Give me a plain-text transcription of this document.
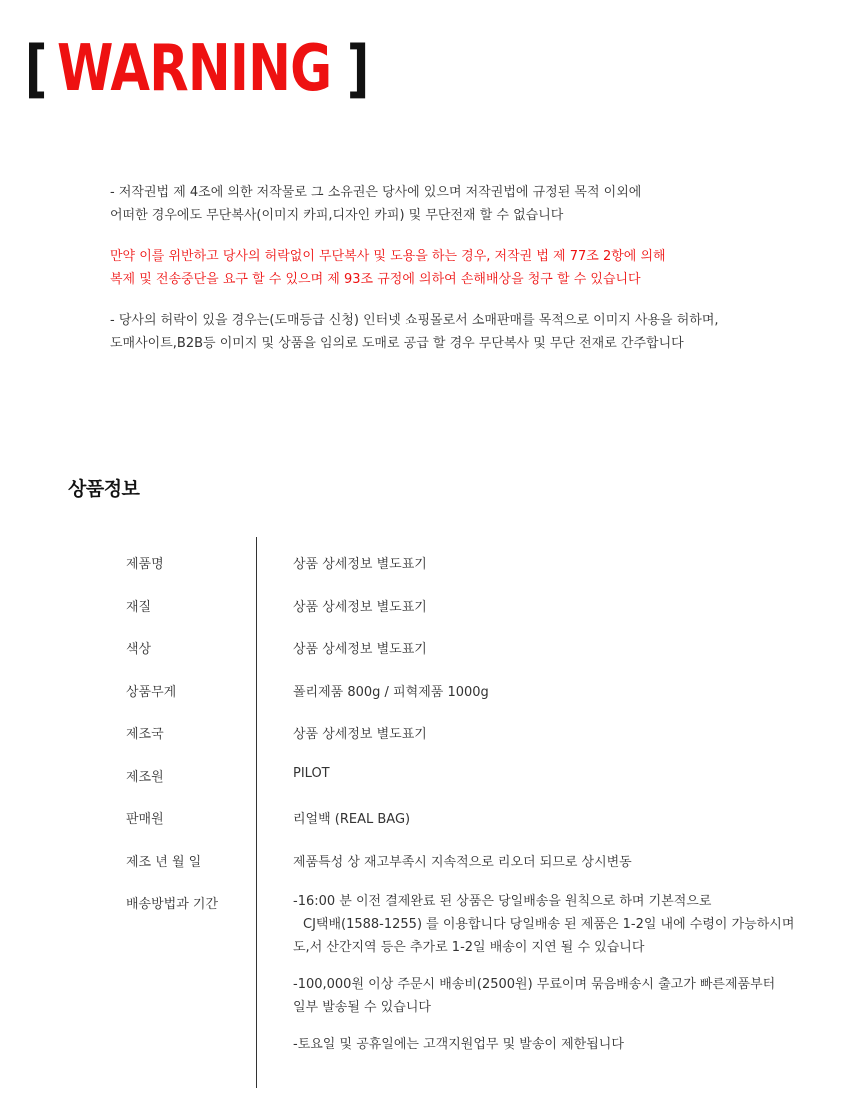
[ WARNING ]

- 저작권법 제 4조에 의한 저작물로 그 소유권은 당사에 있으며 저작권법에 규정된 목적 이외에
어떠한 경우에도 무단복사(이미지 카피,디자인 카피) 및 무단전재 할 수 없습니다

만약 이를 위반하고 당사의 허락없이 무단복사 및 도용을 하는 경우, 저작권 법 제 77조 2항에 의해
복제 및 전송중단을 요구 할 수 있으며 제 93조 규정에 의하여 손해배상을 청구 할 수 있습니다

- 당사의 허락이 있을 경우는(도매등급 신청) 인터넷 쇼핑몰로서 소매판매를 목적으로 이미지 사용을 허하며,
도매사이트,B2B등 이미지 및 상품을 임의로 도매로 공급 할 경우 무단복사 및 무단 전재로 간주합니다

상품정보
제품명	상품 상세정보 별도표기
재질	상품 상세정보 별도표기
색상	상품 상세정보 별도표기
상품무게	폴리제품 800g / 피혁제품 1000g
제조국	상품 상세정보 별도표기
제조원	PILOT
판매원	리얼백 (REAL BAG)
제조 년 월 일	제품특성 상 재고부족시 지속적으로 리오더 되므로 상시변동
배송방법과 기간	-16:00 분 이전 결제완료 된 상품은 당일배송을 원칙으로 하며 기본적으로
CJ택배(1588-1255) 를 이용합니다 당일배송 된 제품은 1-2일 내에 수령이 가능하시며
도,서 산간지역 등은 추가로 1-2일 배송이 지연 될 수 있습니다

-100,000원 이상 주문시 배송비(2500원) 무료이며 묶음배송시 출고가 빠른제품부터
일부 발송될 수 있습니다

-토요일 및 공휴일에는 고객지원업무 및 발송이 제한됩니다
